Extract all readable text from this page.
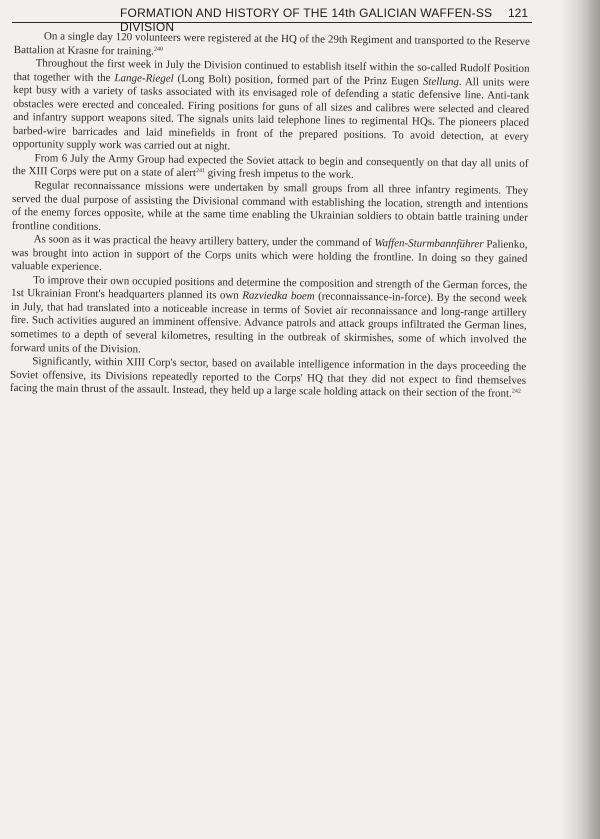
FORMATION AND HISTORY OF THE 14th GALICIAN WAFFEN-SS DIVISION
121

On a single day 120 volunteers were registered at the HQ of the 29th Regiment and transported to the Reserve Battalion at Krasne for training.$^{240}$

Throughout the first week in July the Division continued to establish itself within the so-called Rudolf Position that together with the Lange-Riegel (Long Bolt) position, formed part of the Prinz Eugen Stellung. All units were kept busy with a variety of tasks associated with its envisaged role of defending a static defensive line. Anti-tank obstacles were erected and concealed. Firing positions for guns of all sizes and calibres were selected and cleared and infantry support weapons sited. The signals units laid telephone lines to regimental HQs. The pioneers placed barbed-wire barricades and laid minefields in front of the prepared positions. To avoid detection, at every opportunity supply work was carried out at night.

From 6 July the Army Group had expected the Soviet attack to begin and consequently on that day all units of the XIII Corps were put on a state of alert$^{241}$ giving fresh impetus to the work.

Regular reconnaissance missions were undertaken by small groups from all three infantry regiments. They served the dual purpose of assisting the Divisional command with establishing the location, strength and intentions of the enemy forces opposite, while at the same time enabling the Ukrainian soldiers to obtain battle training under frontline conditions.

As soon as it was practical the heavy artillery battery, under the command of Waffen-Sturmbannführer Palienko, was brought into action in support of the Corps units which were holding the frontline. In doing so they gained valuable experience.

To improve their own occupied positions and determine the composition and strength of the German forces, the 1st Ukrainian Front's headquarters planned its own Razviedka boem (reconnaissance-in-force). By the second week in July, that had translated into a noticeable increase in terms of Soviet air reconnaissance and long-range artillery fire. Such activities augured an imminent offensive. Advance patrols and attack groups infiltrated the German lines, sometimes to a depth of several kilometres, resulting in the outbreak of skirmishes, some of which involved the forward units of the Division.

Significantly, within XIII Corp's sector, based on available intelligence information in the days proceeding the Soviet offensive, its Divisions repeatedly reported to the Corps' HQ that they did not expect to find themselves facing the main thrust of the assault. Instead, they held up a large scale holding attack on their section of the front.$^{242}$
